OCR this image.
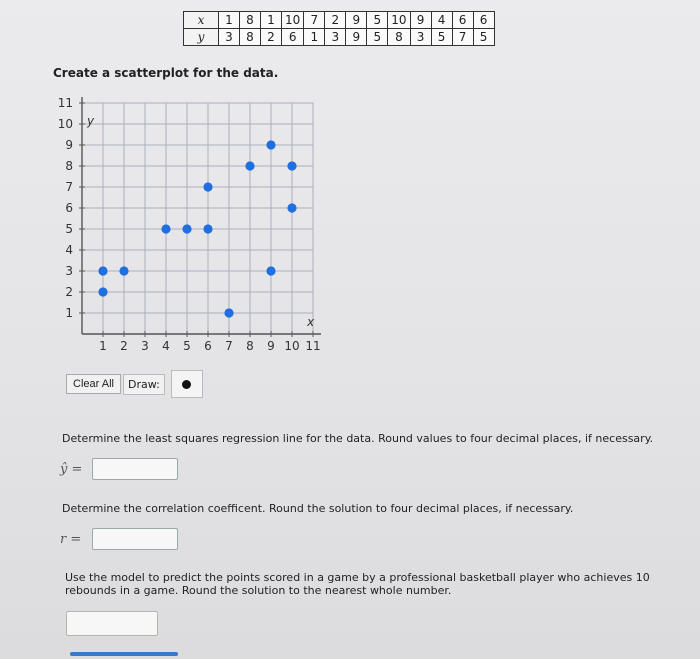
x	1	8	1	10	7	2	9	5	10	9	4	6	6
y	3	8	2	6	1	3	9	5	8	3	5	7	5
Create a scatterplot for the data.
1 2 3 4 5 6 7 8 9 10 11
1
2
3
4
5
6
7
8
9
10
11
x
y
Clear All	Draw:
Determine the least squares regression line for the data. Round values to four decimal places, if necessary.
ŷ =
Determine the correlation coefficent. Round the solution to four decimal places, if necessary.
r =
Use the model to predict the points scored in a game by a professional basketball player who achieves 10 rebounds in a game. Round the solution to the nearest whole number.
